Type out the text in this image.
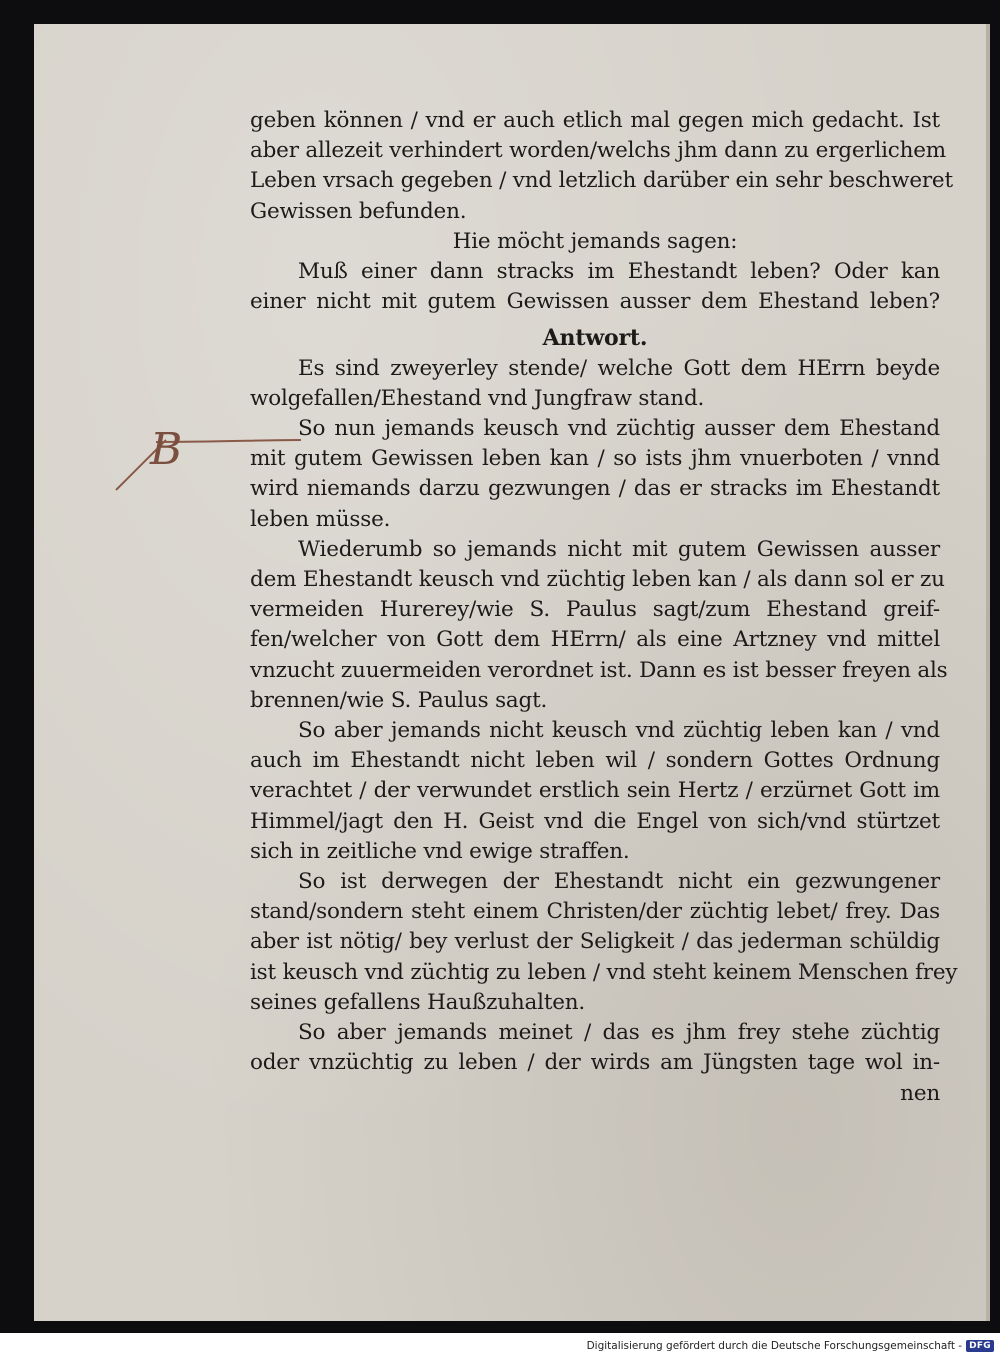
B
geben können / vnd er auch etlich mal gegen mich gedacht. Ist
aber allezeit verhindert worden/welchs jhm dann zu ergerlichem
Leben vrsach gegeben / vnd letzlich darüber ein sehr beschweret
Gewissen befunden.
Hie möcht jemands sagen:
Muß einer dann stracks im Ehestandt leben? Oder kan
einer nicht mit gutem Gewissen ausser dem Ehestand leben?
Antwort.
Es sind zweyerley stende/ welche Gott dem HErrn beyde
wolgefallen/Ehestand vnd Jungfraw stand.
So nun jemands keusch vnd züchtig ausser dem Ehestand
mit gutem Gewissen leben kan / so ists jhm vnuerboten / vnnd
wird niemands darzu gezwungen / das er stracks im Ehestandt
leben müsse.
Wiederumb so jemands nicht mit gutem Gewissen ausser
dem Ehestandt keusch vnd züchtig leben kan / als dann sol er zu
vermeiden Hurerey/wie S. Paulus sagt/zum Ehestand greif-
fen/welcher von Gott dem HErrn/ als eine Artzney vnd mittel
vnzucht zuuermeiden verordnet ist. Dann es ist besser freyen als
brennen/wie S. Paulus sagt.
So aber jemands nicht keusch vnd züchtig leben kan / vnd
auch im Ehestandt nicht leben wil / sondern Gottes Ordnung
verachtet / der verwundet erstlich sein Hertz / erzürnet Gott im
Himmel/jagt den H. Geist vnd die Engel von sich/vnd stürtzet
sich in zeitliche vnd ewige straffen.
So ist derwegen der Ehestandt nicht ein gezwungener
stand/sondern steht einem Christen/der züchtig lebet/ frey. Das
aber ist nötig/ bey verlust der Seligkeit / das jederman schüldig
ist keusch vnd züchtig zu leben / vnd steht keinem Menschen frey
seines gefallens Haußzuhalten.
So aber jemands meinet / das es jhm frey stehe züchtig
oder vnzüchtig zu leben / der wirds am Jüngsten tage wol in-
nen
Digitalisierung gefördert durch die Deutsche Forschungsgemeinschaft - DFG
